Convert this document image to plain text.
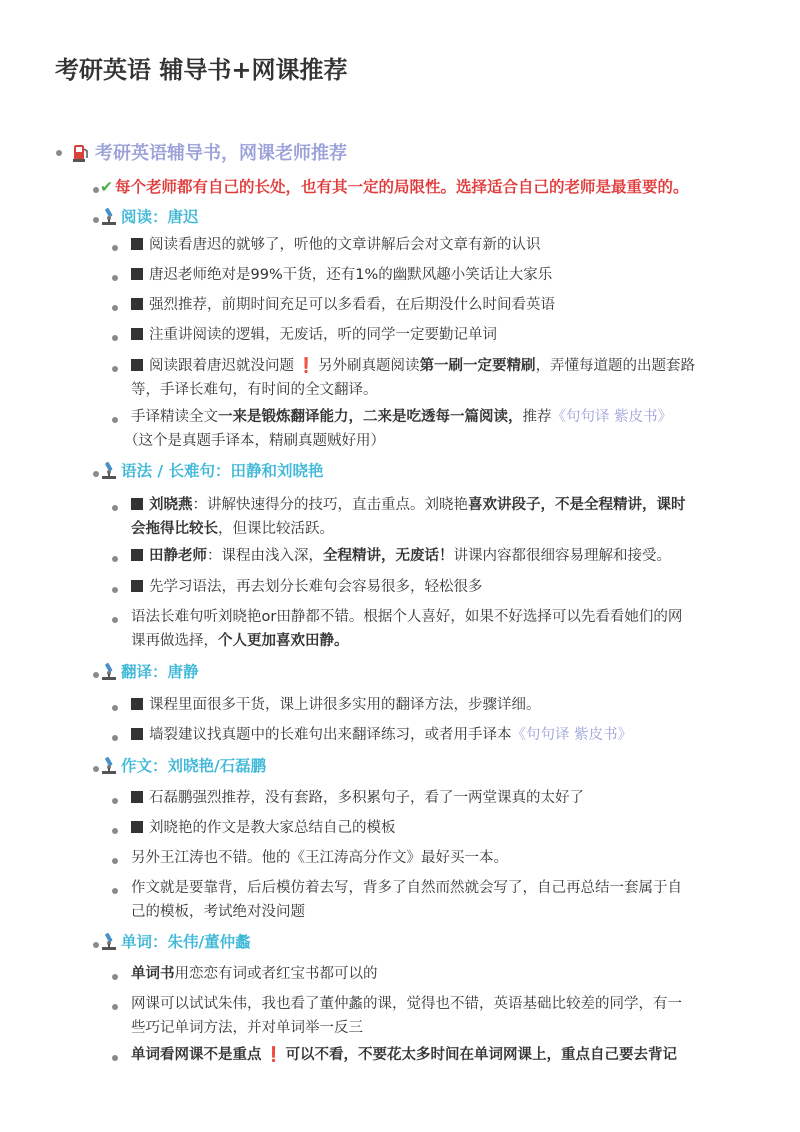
考研英语 辅导书+网课推荐
考研英语辅导书，网课老师推荐
✔ 每个老师都有自己的长处，也有其一定的局限性。选择适合自己的老师是最重要的。
阅读：唐迟
阅读看唐迟的就够了，听他的文章讲解后会对文章有新的认识
唐迟老师绝对是99%干货，还有1%的幽默风趣小笑话让大家乐
强烈推荐，前期时间充足可以多看看，在后期没什么时间看英语
注重讲阅读的逻辑，无废话，听的同学一定要勤记单词
阅读跟着唐迟就没问题 ❗ 另外刷真题阅读第一刷一定要精刷，弄懂每道题的出题套路
等，手译长难句，有时间的全文翻译。
手译精读全文一来是锻炼翻译能力，二来是吃透每一篇阅读，推荐《句句译 紫皮书》
（这个是真题手译本，精刷真题贼好用）
语法 / 长难句：田静和刘晓艳
刘晓燕：讲解快速得分的技巧，直击重点。刘晓艳喜欢讲段子，不是全程精讲，课时
会拖得比较长，但课比较活跃。
田静老师：课程由浅入深，全程精讲，无废话！讲课内容都很细容易理解和接受。
先学习语法，再去划分长难句会容易很多，轻松很多
语法长难句听刘晓艳or田静都不错。根据个人喜好，如果不好选择可以先看看她们的网
课再做选择，个人更加喜欢田静。
翻译：唐静
课程里面很多干货，课上讲很多实用的翻译方法，步骤详细。
墙裂建议找真题中的长难句出来翻译练习，或者用手译本《句句译 紫皮书》
作文：刘晓艳/石磊鹏
石磊鹏强烈推荐，没有套路，多积累句子，看了一两堂课真的太好了
刘晓艳的作文是教大家总结自己的模板
另外王江涛也不错。他的《王江涛高分作文》最好买一本。
作文就是要靠背，后后模仿着去写，背多了自然而然就会写了，自己再总结一套属于自
己的模板，考试绝对没问题
单词：朱伟/董仲蠡
单词书用恋恋有词或者红宝书都可以的
网课可以试试朱伟，我也看了董仲蠡的课，觉得也不错，英语基础比较差的同学，有一
些巧记单词方法，并对单词举一反三
单词看网课不是重点 ❗ 可以不看，不要花太多时间在单词网课上，重点自己要去背记
